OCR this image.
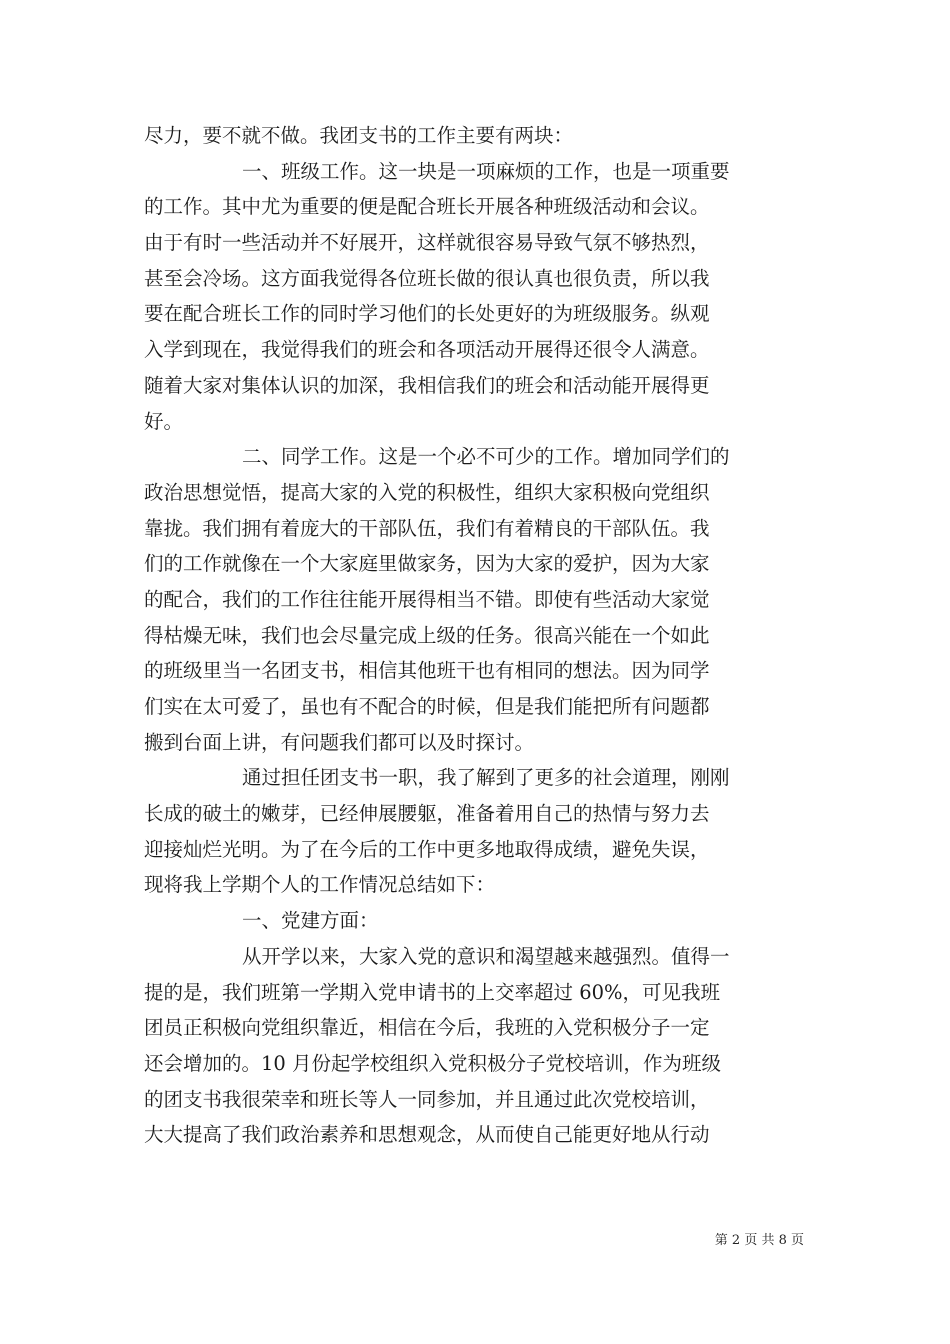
尽力，要不就不做。我团支书的工作主要有两块：
一、班级工作。这一块是一项麻烦的工作，也是一项重要
的工作。其中尤为重要的便是配合班长开展各种班级活动和会议。
由于有时一些活动并不好展开，这样就很容易导致气氛不够热烈，
甚至会冷场。这方面我觉得各位班长做的很认真也很负责，所以我
要在配合班长工作的同时学习他们的长处更好的为班级服务。纵观
入学到现在，我觉得我们的班会和各项活动开展得还很令人满意。
随着大家对集体认识的加深，我相信我们的班会和活动能开展得更
好。
二、同学工作。这是一个必不可少的工作。增加同学们的
政治思想觉悟，提高大家的入党的积极性，组织大家积极向党组织
靠拢。我们拥有着庞大的干部队伍，我们有着精良的干部队伍。我
们的工作就像在一个大家庭里做家务，因为大家的爱护，因为大家
的配合，我们的工作往往能开展得相当不错。即使有些活动大家觉
得枯燥无味，我们也会尽量完成上级的任务。很高兴能在一个如此
的班级里当一名团支书，相信其他班干也有相同的想法。因为同学
们实在太可爱了，虽也有不配合的时候，但是我们能把所有问题都
搬到台面上讲，有问题我们都可以及时探讨。
通过担任团支书一职，我了解到了更多的社会道理，刚刚
长成的破土的嫩芽，已经伸展腰躯，准备着用自己的热情与努力去
迎接灿烂光明。为了在今后的工作中更多地取得成绩，避免失误，
现将我上学期个人的工作情况总结如下：
一、党建方面：
从开学以来，大家入党的意识和渴望越来越强烈。值得一
提的是，我们班第一学期入党申请书的上交率超过 60%，可见我班
团员正积极向党组织靠近，相信在今后，我班的入党积极分子一定
还会增加的。10 月份起学校组织入党积极分子党校培训，作为班级
的团支书我很荣幸和班长等人一同参加，并且通过此次党校培训，
大大提高了我们政治素养和思想观念，从而使自己能更好地从行动
第 2 页 共 8 页
